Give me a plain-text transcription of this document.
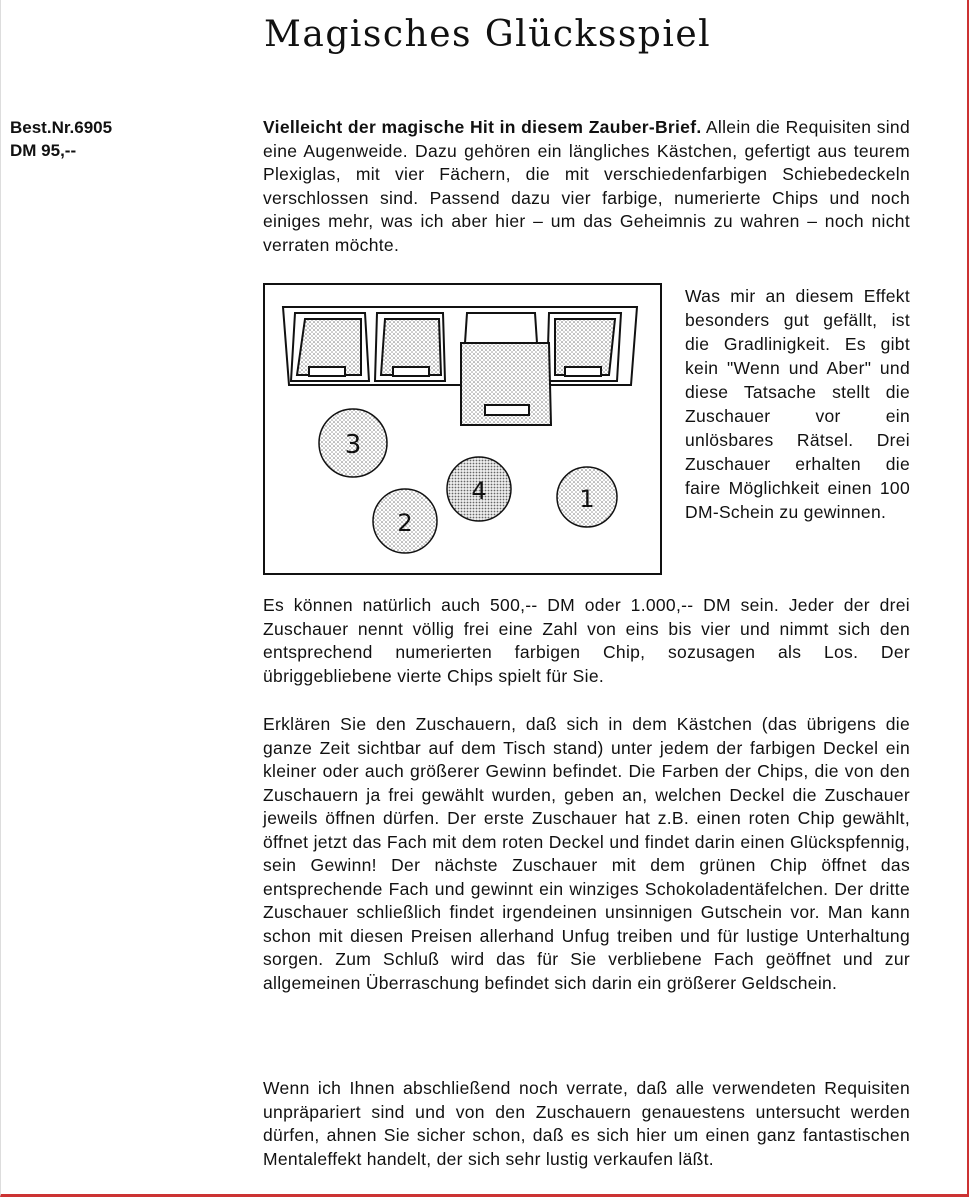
Magisches Glücksspiel
Best.Nr.6905
DM 95,--

Vielleicht der magische Hit in diesem Zauber-Brief. Allein die Requisiten sind eine Augenweide. Dazu gehören ein längliches Kästchen, gefertigt aus teurem Plexiglas, mit vier Fächern, die mit verschiedenfarbigen Schiebedeckeln verschlossen sind. Passend dazu vier farbige, numerierte Chips und noch einiges mehr, was ich aber hier – um das Geheimnis zu wahren – noch nicht verraten möchte.

3
4
2
1

Was mir an diesem Effekt besonders gut gefällt, ist die Gradlinigkeit. Es gibt kein "Wenn und Aber" und diese Tatsache stellt die Zuschauer vor ein unlösbares Rätsel. Drei Zuschauer erhalten die faire Möglichkeit einen 100 DM-Schein zu gewinnen.

Es können natürlich auch 500,-- DM oder 1.000,-- DM sein. Jeder der drei Zuschauer nennt völlig frei eine Zahl von eins bis vier und nimmt sich den entsprechend numerierten farbigen Chip, sozusagen als Los. Der übriggebliebene vierte Chips spielt für Sie.

Erklären Sie den Zuschauern, daß sich in dem Kästchen (das übrigens die ganze Zeit sichtbar auf dem Tisch stand) unter jedem der farbigen Deckel ein kleiner oder auch größerer Gewinn befindet. Die Farben der Chips, die von den Zuschauern ja frei gewählt wurden, geben an, welchen Deckel die Zuschauer jeweils öffnen dürfen. Der erste Zuschauer hat z.B. einen roten Chip gewählt, öffnet jetzt das Fach mit dem roten Deckel und findet darin einen Glückspfennig, sein Gewinn! Der nächste Zuschauer mit dem grünen Chip öffnet das entsprechende Fach und gewinnt ein winziges Schokoladentäfelchen. Der dritte Zuschauer schließlich findet irgendeinen unsinnigen Gutschein vor. Man kann schon mit diesen Preisen allerhand Unfug treiben und für lustige Unterhaltung sorgen. Zum Schluß wird das für Sie verbliebene Fach geöffnet und zur allgemeinen Überraschung befindet sich darin ein größerer Geldschein.

Wenn ich Ihnen abschließend noch verrate, daß alle verwendeten Requisiten unpräpariert sind und von den Zuschauern genauestens untersucht werden dürfen, ahnen Sie sicher schon, daß es sich hier um einen ganz fantastischen Mentaleffekt handelt, der sich sehr lustig verkaufen läßt.
